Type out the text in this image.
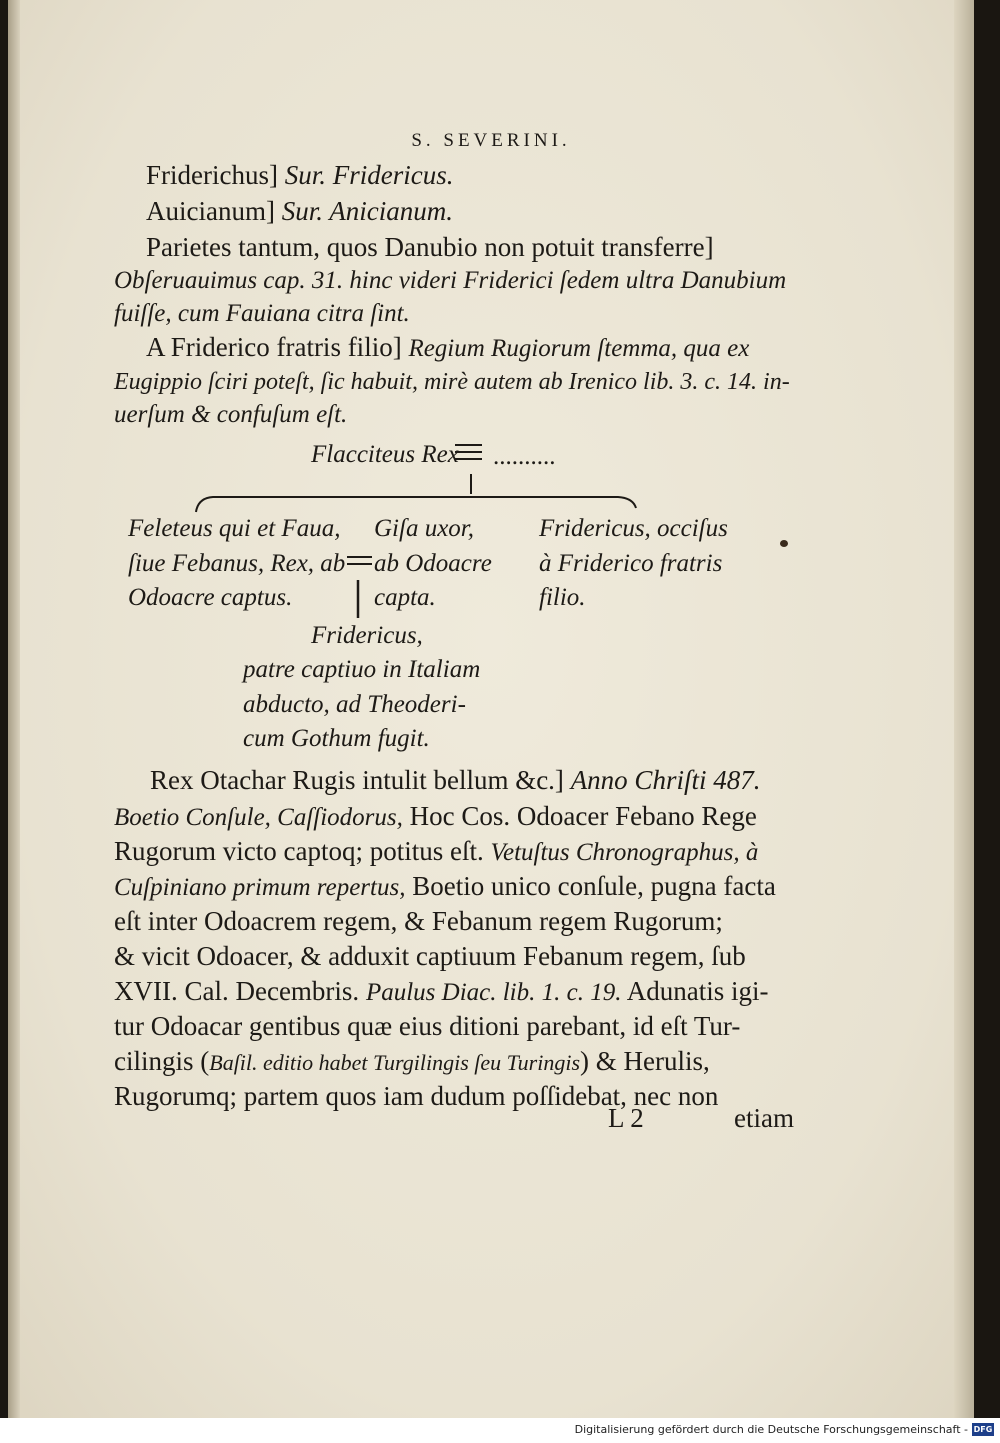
S. SEVERINI.
Friderichus] Sur. Fridericus.
Auicianum] Sur. Anicianum.
Parietes tantum, quos Danubio non potuit transferre]
Obſeruauimus cap. 31. hinc videri Friderici ſedem ultra Danubium
fuiſſe, cum Fauiana citra ſint.
A Friderico fratris filio] Regium Rugiorum ſtemma, qua ex
Eugippio ſciri poteſt, ſic habuit, mirè autem ab Irenico lib. 3. c. 14. in-
uerſum & confuſum eſt.
Flacciteus Rex ..........
Feleteus qui et Faua,
ſiue Febanus, Rex, ab
Odoacre captus.
Giſa uxor,
ab Odoacre
capta.
Fridericus, occiſus
à Friderico fratris
filio.
Fridericus,
patre captiuo in Italiam
abducto, ad Theoderi-
cum Gothum fugit.
Rex Otachar Rugis intulit bellum &c.] Anno Chriſti 487.
Boetio Conſule, Caſſiodorus, Hoc Cos. Odoacer Febano Rege
Rugorum victo captoq; potitus eſt. Vetuſtus Chronographus, à
Cuſpiniano primum repertus, Boetio unico conſule, pugna facta
eſt inter Odoacrem regem, & Febanum regem Rugorum;
& vicit Odoacer, & adduxit captiuum Febanum regem, ſub
XVII. Cal. Decembris. Paulus Diac. lib. 1. c. 19. Adunatis igi-
tur Odoacar gentibus quæ eius ditioni parebant, id eſt Tur-
cilingis (Baſil. editio habet Turgilingis ſeu Turingis) & Herulis,
Rugorumq; partem quos iam dudum poſſidebat, nec non
L 2	etiam
Digitalisierung gefördert durch die Deutsche Forschungsgemeinschaft - DFG
